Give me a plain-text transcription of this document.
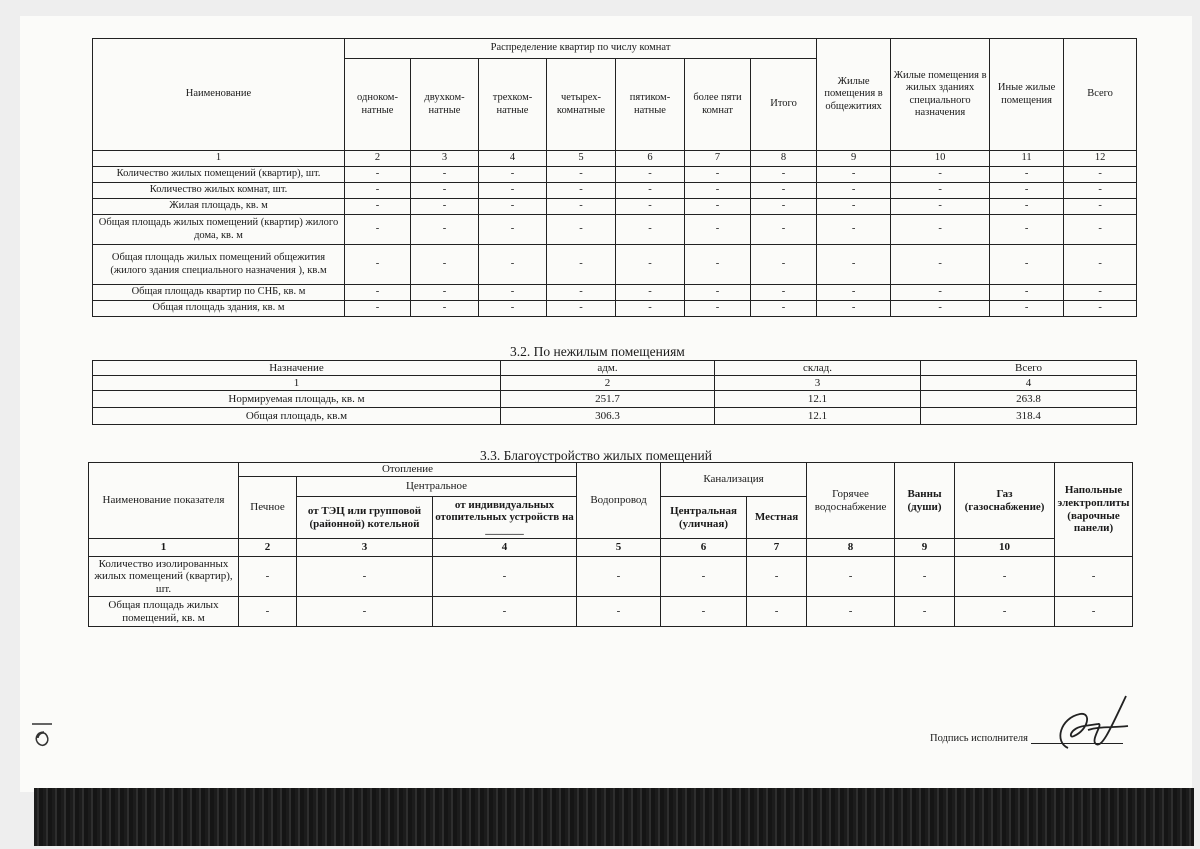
Наименование	Распределение квартир по числу комнат							Жилые помещения в общежитиях	Жилые помещения в жилых зданиях специального назначения	Иные жилые помещения	Всего
	одноком-натные	двухком-натные	трехком-натные	четырех-комнатные	пятиком-натные	более пяти комнат	Итого				
1	2	3	4	5	6	7	8	9	10	11	12
Количество жилых помещений (квартир), шт.	-	-	-	-	-	-	-	-	-	-	-
Количество жилых комнат, шт.	-	-	-	-	-	-	-	-	-	-	-
Жилая площадь, кв. м	-	-	-	-	-	-	-	-	-	-	-
Общая площадь жилых помещений (квартир) жилого дома, кв. м	-	-	-	-	-	-	-	-	-	-	-
Общая площадь жилых помещений общежития (жилого здания специального назначения ), кв.м	-	-	-	-	-	-	-	-	-	-	-
Общая площадь квартир по СНБ, кв. м	-	-	-	-	-	-	-	-	-	-	-
Общая площадь здания, кв. м	-	-	-	-	-	-	-	-	-	-	-
3.2. По нежилым помещениям
Назначение	адм.	склад.	Всего
1	2	3	4
Нормируемая площадь, кв. м	251.7	12.1	263.8
Общая площадь, кв.м	306.3	12.1	318.4
3.3. Благоустройство жилых помещений
Наименование показателя	Отопление			Водопровод	Канализация		Горячее водоснабжение	Ванны (души)	Газ (газоснабжение)	Напольные электроплиты (варочные панели)
	Печное	Центральное								
		от ТЭЦ или групповой (районной) котельной	от индивидуальных отопительных устройств на _______		Центральная (уличная)	Местная				

1	2	3	4	5	6	7	8	9	10	
Количество изолированных жилых помещений (квартир), шт.	-	-	-	-	-	-	-	-	-	-
Общая площадь жилых помещений, кв. м	-	-	-	-	-	-	-	-	-	-
Подпись исполнителя
